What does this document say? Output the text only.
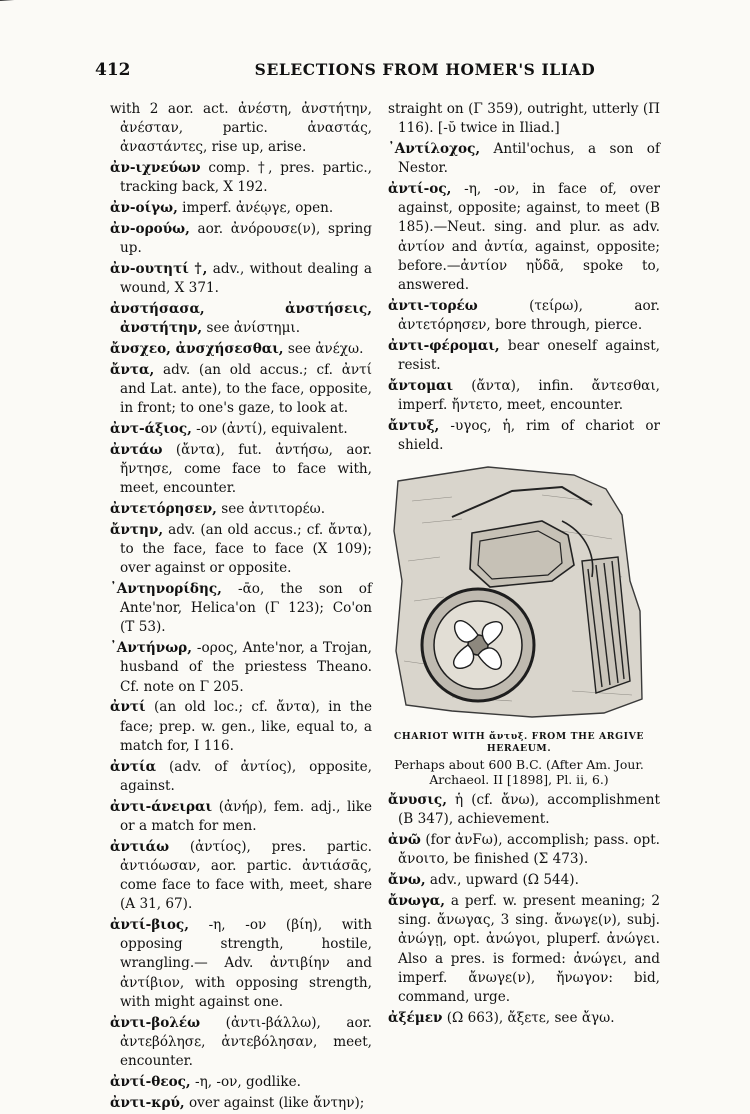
412	SELECTIONS FROM HOMER'S ILIAD

with 2 aor. act. ἀνέστη, ἀνστήτην, ἀνέσταν, partic. ἀναστάς, ἀναστάντες, rise up, arise.

ἀν-ιχνεύων comp. †, pres. partic., tracking back, X 192.

ἀν-οίγω, imperf. ἀνέῳγε, open.

ἀν-ορούω, aor. ἀνόρουσε(ν), spring up.

ἀν-ουτητί †, adv., without dealing a wound, X 371.

ἀνστήσασα, ἀνστήσεις, ἀνστήτην, see ἀνίστημι.

ἄνσχεο, ἀνσχήσεσθαι, see ἀνέχω.

ἄντα, adv. (an old accus.; cf. ἀντί and Lat. ante), to the face, opposite, in front; to one's gaze, to look at.

ἀντ-άξιος, -ον (ἀντί), equivalent.

ἀντάω (ἄντα), fut. ἀντήσω, aor. ἤντησε, come face to face with, meet, encounter.

ἀντετόρησεν, see ἀντιτορέω.

ἄντην, adv. (an old accus.; cf. ἄντα), to the face, face to face (X 109); over against or opposite.

᾿Αντηνορίδης, -ᾱο, the son of Ante'nor, Helica'on (Γ 123); Co'on (T 53).

᾿Αντήνωρ, -ορος, Ante'nor, a Trojan, husband of the priestess Theano. Cf. note on Γ 205.

ἀντί (an old loc.; cf. ἄντα), in the face; prep. w. gen., like, equal to, a match for, I 116.

ἀντία (adv. of ἀντίος), opposite, against.

ἀντι-άνειραι (ἀνήρ), fem. adj., like or a match for men.

ἀντιάω (ἀντίος), pres. partic. ἀντιόωσαν, aor. partic. ἀντιάσᾱς, come face to face with, meet, share (A 31, 67).

ἀντί-βιος, -η, -ον (βίη), with opposing strength, hostile, wrangling.— Adv. ἀντιβίην and ἀντίβιον, with opposing strength, with might against one.

ἀντι-βολέω (ἀντι-βάλλω), aor. ἀντεβόλησε, ἀντεβόλησαν, meet, encounter.

ἀντί-θεος, -η, -ον, godlike.

ἀντι-κρύ, over against (like ἄντην);

straight on (Γ 359), outright, utterly (Π 116). [-ῠ twice in Iliad.]

᾿Αντίλοχος, Antil'ochus, a son of Nestor.

ἀντί-ος, -η, -ον, in face of, over against, opposite; against, to meet (B 185).—Neut. sing. and plur. as adv. ἀντίον and ἀντία, against, opposite; before.—ἀντίον ηὔδᾱ, spoke to, answered.

ἀντι-τορέω (τείρω), aor. ἀντετόρησεν, bore through, pierce.

ἀντι-φέρομαι, bear oneself against, resist.

ἄντομαι (ἄντα), infin. ἄντεσθαι, imperf. ἤντετο, meet, encounter.

ἄντυξ, -υγος, ἡ, rim of chariot or shield.

CHARIOT WITH ἄντυξ. FROM THE ARGIVE HERAEUM.
Perhaps about 600 B.C. (After Am. Jour. Archaeol. II [1898], Pl. ii, 6.)

ἄνυσις, ἡ (cf. ἄνω), accomplishment (B 347), achievement.

ἀνῶ (for ἀνϜω), accomplish; pass. opt. ἄνοιτο, be finished (Σ 473).

ἄνω, adv., upward (Ω 544).

ἄνωγα, a perf. w. present meaning; 2 sing. ἄνωγας, 3 sing. ἄνωγε(ν), subj. ἀνώγῃ, opt. ἀνώγοι, pluperf. ἀνώγει. Also a pres. is formed: ἀνώγει, and imperf. ἄνωγε(ν), ἤνωγον: bid, command, urge.

ἀξέμεν (Ω 663), ἄξετε, see ἄγω.
